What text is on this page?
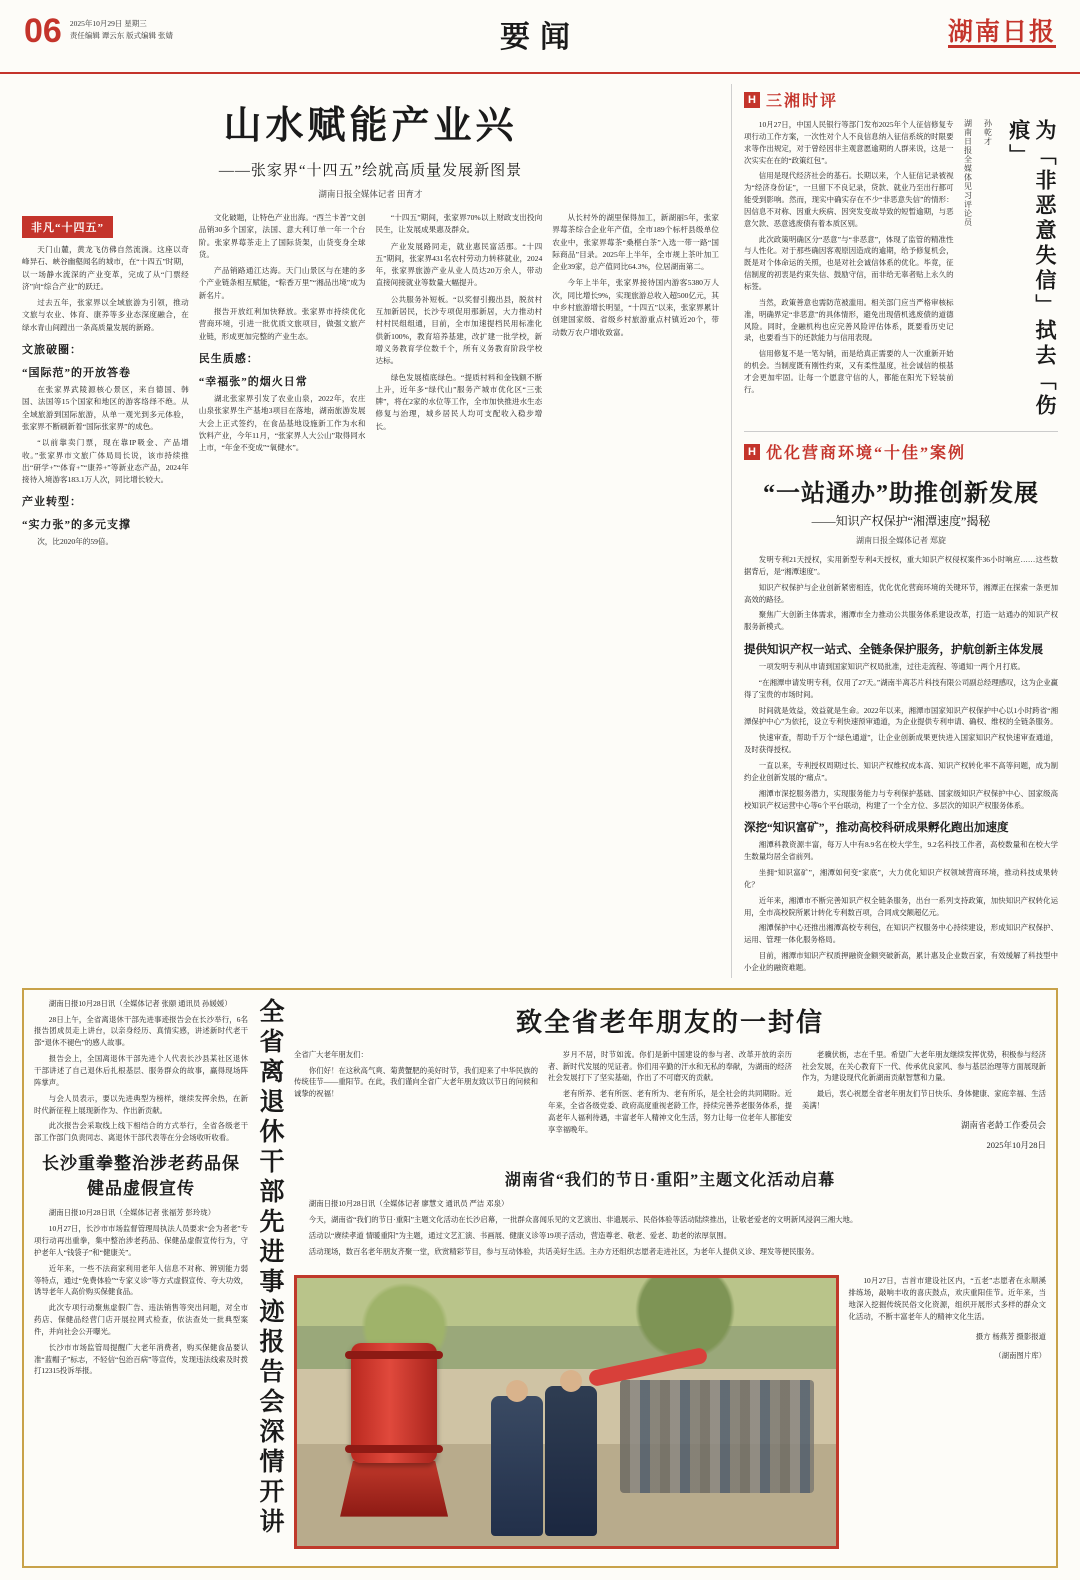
06 2025年10月29日 星期三
责任编辑 谭云东 版式编辑 张婧	要闻	湖南日报
山水赋能产业兴
——张家界“十四五”绘就高质量发展新图景
湖南日报全媒体记者 田育才
非凡“十四五”

天门山麓，黄龙飞仿佛自然流淌。这座以奇峰异石、峡谷幽壑闻名的城市，在“十四五”时期，以一场静水流深的产业变革，完成了从“门票经济”向“综合产业”的跃迁。

过去五年，张家界以全域旅游为引领，推动文旅与农业、体育、康养等多业态深度融合，在绿水青山间蹚出一条高质量发展的新路。

文旅破圈：
“国际范”的开放答卷

在张家界武陵源核心景区，来自德国、韩国、法国等15个国家和地区的游客络绎不绝。从全域旅游到国际旅游，从单一观光到多元体验，张家界不断刷新着“国际张家界”的成色。

“以前靠卖门票，现在靠IP吸金、产品增收。”张家界市文旅广体局局长说，该市持续推出“研学+”“体育+”“康养+”等新业态产品，2024年接待入境游客183.1万人次，同比增长较大。

产业转型：
“实力张”的多元支撑

次，比2020年的59倍。

文化破题，让特色产业出海。“西兰卡普”文创品销30多个国家，法国、意大利订单一年一个台阶。张家界莓茶走上了国际货架，山货变身全球货。

产品销路通江达海。天门山景区与在建的多个产业链条相互赋能，“粽香万里”“湘品出境”成为新名片。

报告开放红利加快释放。张家界市持续优化营商环境，引进一批优质文旅项目，做强文旅产业链，形成更加完整的产业生态。

民生质感：
“幸福张”的烟火日常

湖北张家界引发了农业山泉，2022年，农庄山泉张家界生产基地3项目在落地，湖南旅游发展大会上正式签约，在食品基地设施新工作为水和饮料产业，今年11月，“张家界人大公山”取得同水上市，“年金不变成”“氧健水”。

“十四五”期间，张家界70%以上财政支出投向民生，让发展成果惠及群众。

产业发展路同走，就业惠民富活那。“十四五”期间，张家界431名农村劳动力转移就业，2024年，张家界旅游产业从业人员达20万余人，带动直接间接就业等数量大幅提升。

公共服务补短板。“以奖督引搬出县，脱贫村互加新居民，长沙专项促用那新居，大力推动村村村民组组通，目前，全市加速提档民用标准化供新100%，教育培养基建，改扩建一批学校，新增义务教育学位数千个，所有义务教育阶段学校达标。

绿色发展植底绿色。“提质村料和金钱额不断上升，近年多“绿代山”服务产城市优化区“三张牌”，将在2家的水位等工作，全市加快推进水生态修复与治理，城乡居民人均可支配收入稳步增长。

从长村外的湖里保得加工，新湖丽5年，张家界莓茶综合企业年产值，全市189个标杆县级单位农业中，张家界莓茶“桑椹白茶”入选一带一路“国际商品”目录。2025年上半年，全市规上茶叶加工企业39家，总产值同比64.3%，位居湖南第二。

今年上半年，张家界接待国内游客5380万人次，同比增长9%，实现旅游总收入超500亿元，其中乡村旅游增长明显，“十四五”以来，张家界累计创建国家级、省级乡村旅游重点村镇近20个，带动数万农户增收致富。

H 三湘时评

10月27日，中国人民银行等部门发布2025年个人征信修复专项行动工作方案，一次性对个人不良信息纳入征信系统的时限要求等作出规定，对于曾经因非主观意愿逾期的人群来说，这是一次实实在在的“政策红包”。

信用是现代经济社会的基石。长期以来，个人征信记录被视为“经济身份证”，一旦留下不良记录，贷款、就业乃至出行都可能受到影响。然而，现实中确实存在不少“非恶意失信”的情形：因信息不对称、因重大疾病、因突发变故导致的短暂逾期，与恶意欠款、恶意逃废债有着本质区别。

此次政策明确区分“恶意”与“非恶意”，体现了监管的精准性与人性化。对于那些确因客观原因造成的逾期，给予修复机会，既是对个体命运的关照，也是对社会诚信体系的优化。毕竟，征信制度的初衷是约束失信、鼓励守信，而非给无辜者贴上永久的标签。

当然，政策善意也需防范被滥用。相关部门应当严格审核标准，明确界定“非恶意”的具体情形，避免出现借机逃废债的道德风险。同时，金融机构也应完善风险评估体系，既要看历史记录，也要看当下的还款能力与信用表现。

信用修复不是一笔勾销，而是给真正需要的人一次重新开始的机会。当制度既有刚性约束，又有柔性温度，社会诚信的根基才会更加牢固。让每一个愿意守信的人，都能在阳光下轻装前行。

湖南日报全媒体见习评论员 孙乾才	为「非恶意失信」拭去「伤痕」
H 优化营商环境“十佳”案例
“一站通办”助推创新发展
——知识产权保护“湘潭速度”揭秘
湖南日报全媒体记者 郑旋

发明专利21天授权，实用新型专利4天授权，重大知识产权侵权案件36小时响应……这些数据背后，是“湘潭速度”。

知识产权保护与企业创新紧密相连，优化优化营商环境的关键环节，湘潭正在探索一条更加高效的路径。

聚焦广大创新主体需求，湘潭市全力推动公共服务体系建设改革，打造一站通办的知识产权服务新模式。

提供知识产权一站式、全链条保护服务，护航创新主体发展

一项发明专利从申请到国家知识产权局批准，过往走流程、等通知一两个月打底。

“在湘潭申请发明专利，仅用了27天。”湖南半离芯片科技有限公司副总经理感叹，这为企业赢得了宝贵的市场时间。

时间就是效益，效益就是生命。2022年以来，湘潭市国家知识产权保护中心以1小时跨省“湘潭保护中心”为依托，设立专利快速预审通道，为企业提供专利申请、确权、维权的全链条服务。

快速审查，帮助千万个“绿色通道”，让企业创新成果更快进入国家知识产权快速审查通道，及时获得授权。

一直以来，专利授权周期过长、知识产权维权成本高、知识产权转化率不高等问题，成为制约企业创新发展的“痛点”。

湘潭市深挖服务潜力，实现服务能力与专利保护基础、国家级知识产权保护中心、国家级高校知识产权运营中心等6个平台联动，构建了一个全方位、多层次的知识产权服务体系。

深挖“知识富矿”，推动高校科研成果孵化跑出加速度

湘潭科教资源丰富，每万人中有8.9名在校大学生，9.2名科技工作者，高校数量和在校大学生数量均居全省前列。

坐拥“知识富矿”，湘潭如何变“家底”，大力优化知识产权领域营商环境，推动科技成果转化？

近年来，湘潭市不断完善知识产权全链条服务，出台一系列支持政策，加快知识产权转化运用，全市高校院所累计转化专利数百项，合同成交额超亿元。

湘潭保护中心还推出湘潭高校专利包，在知识产权服务中心持续建设，形成知识产权保护、运用、管理一体化服务格局。

目前，湘潭市知识产权质押融资金额突破新高，累计惠及企业数百家，有效缓解了科技型中小企业的融资难题。

湖南日报10月28日讯（全媒体记者 张颐 通讯员 孙媛媛）

28日上午，全省离退休干部先进事迹报告会在长沙举行，6名报告团成员走上讲台，以亲身经历、真情实感，讲述新时代老干部“退休不褪色”的感人故事。

报告会上，全国离退休干部先进个人代表长沙县某社区退休干部讲述了自己退休后扎根基层、服务群众的故事，赢得现场阵阵掌声。

与会人员表示，要以先进典型为榜样，继续发挥余热，在新时代新征程上展现新作为、作出新贡献。

此次报告会采取线上线下相结合的方式举行，全省各级老干部工作部门负责同志、离退休干部代表等在分会场收听收看。

长沙重拳整治涉老药品保健品虚假宣传

湖南日报10月28日讯（全媒体记者 张福芳 彭玲珑）

10月27日，长沙市市场监督管理局执法人员要求“会为者老”专项行动再出重拳，集中整治涉老药品、保健品虚假宣传行为，守护老年人“钱袋子”和“健康关”。

近年来，一些不法商家利用老年人信息不对称、辨别能力弱等特点，通过“免费体验”“专家义诊”等方式虚假宣传、夸大功效，诱导老年人高价购买保健食品。

此次专项行动聚焦虚假广告、违法销售等突出问题，对全市药店、保健品经营门店开展拉网式检查，依法查处一批典型案件，并向社会公开曝光。

长沙市市场监管局提醒广大老年消费者，购买保健食品要认准“蓝帽子”标志，不轻信“包治百病”等宣传，发现违法线索及时拨打12315投诉举报。	全省离退休干部先进事迹报告会深情开讲	致全省老年朋友的一封信

全省广大老年朋友们：

你们好！在这秋高气爽、菊黄蟹肥的美好时节，我们迎来了中华民族的传统佳节——重阳节。在此，我们谨向全省广大老年朋友致以节日的问候和诚挚的祝福！

岁月不居，时节如流。你们是新中国建设的参与者、改革开放的亲历者、新时代发展的见证者。你们用辛勤的汗水和无私的奉献，为湖南的经济社会发展打下了坚实基础，作出了不可磨灭的贡献。

老有所养、老有所医、老有所为、老有所乐，是全社会的共同期盼。近年来，全省各级党委、政府高度重视老龄工作，持续完善养老服务体系，提高老年人福利待遇，丰富老年人精神文化生活，努力让每一位老年人都能安享幸福晚年。

老骥伏枥，志在千里。希望广大老年朋友继续发挥优势，积极参与经济社会发展，在关心教育下一代、传承优良家风、参与基层治理等方面展现新作为，为建设现代化新湖南贡献智慧和力量。

最后，衷心祝愿全省老年朋友们节日快乐、身体健康、家庭幸福、生活美满！

湖南省老龄工作委员会
2025年10月28日
湖南省“我们的节日·重阳”主题文化活动启幕

湖南日报10月28日讯（全媒体记者 廖慧文 通讯员 严洁 邓泉）

今天，湖南省“我们的节日·重阳”主题文化活动在长沙启幕，一批群众喜闻乐见的文艺演出、非遗展示、民俗体验等活动陆续推出，让敬老爱老的文明新风浸润三湘大地。

活动以“赓续孝道 情暖重阳”为主题，通过文艺汇演、书画展、健康义诊等19项子活动，营造尊老、敬老、爱老、助老的浓厚氛围。

活动现场，数百名老年朋友齐聚一堂，欣赏精彩节目，参与互动体验，共话美好生活。主办方还组织志愿者走进社区，为老年人提供义诊、理发等便民服务。

10月27日，吉首市建设社区内，“五老”志愿者在永顺溪排练场，敲响丰收的喜庆鼓点，欢庆重阳佳节。近年来，当地深入挖掘传统民俗文化资源，组织开展形式多样的群众文化活动，不断丰富老年人的精神文化生活。

摄方 杨燕芳 摄影报道
（湖南图片库）
